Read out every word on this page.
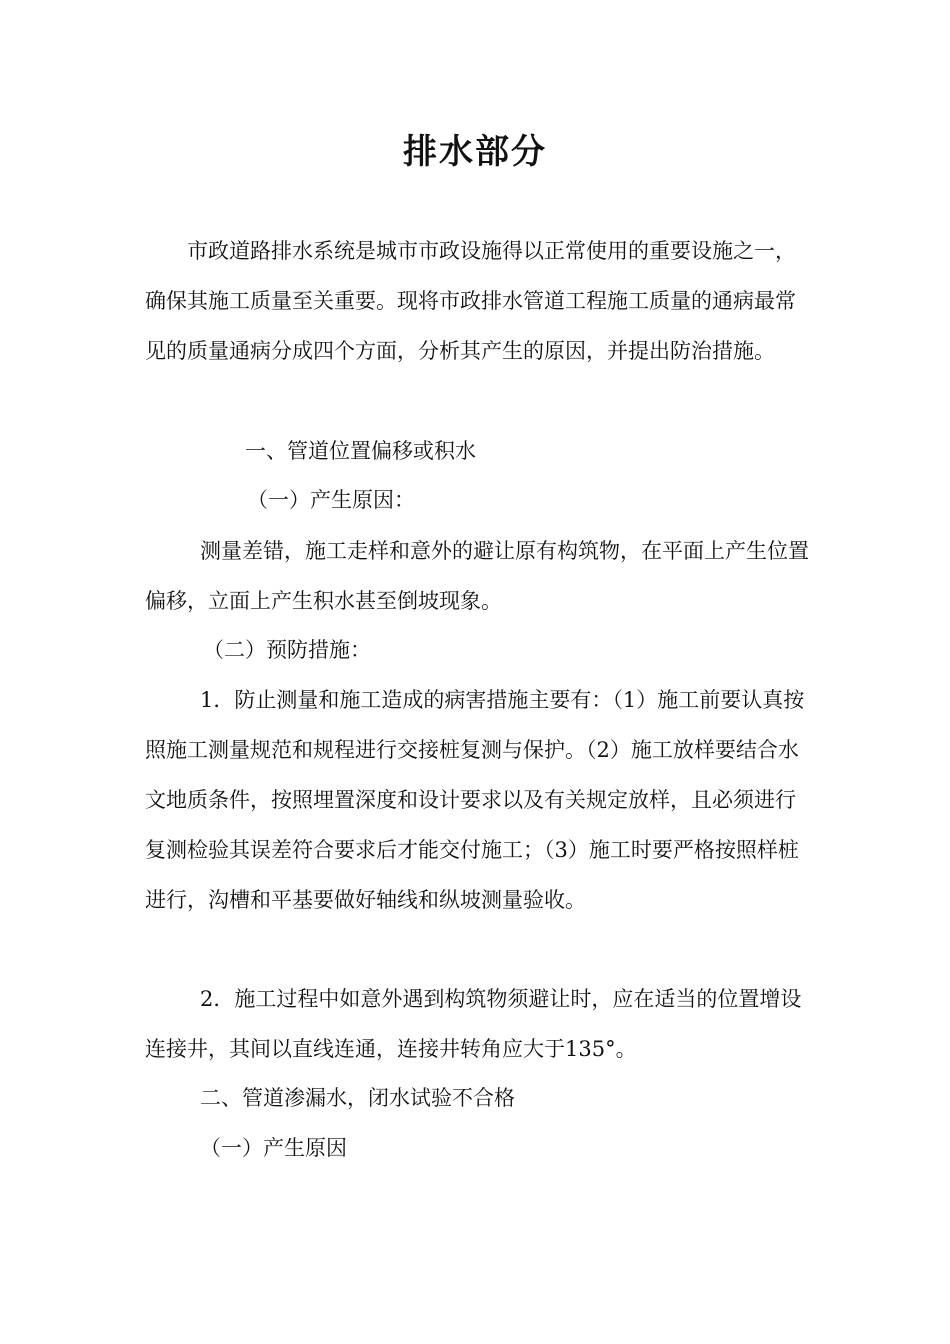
排水部分

市政道路排水系统是城市市政设施得以正常使用的重要设施之一，确保其施工质量至关重要。现将市政排水管道工程施工质量的通病最常见的质量通病分成四个方面，分析其产生的原因，并提出防治措施。

一、管道位置偏移或积水
（一）产生原因：

测量差错，施工走样和意外的避让原有构筑物，在平面上产生位置偏移，立面上产生积水甚至倒坡现象。

（二）预防措施：

1．防止测量和施工造成的病害措施主要有：（1）施工前要认真按照施工测量规范和规程进行交接桩复测与保护。（2）施工放样要结合水文地质条件，按照埋置深度和设计要求以及有关规定放样，且必须进行复测检验其误差符合要求后才能交付施工；（3）施工时要严格按照样桩进行，沟槽和平基要做好轴线和纵坡测量验收。

2．施工过程中如意外遇到构筑物须避让时，应在适当的位置增设连接井，其间以直线连通，连接井转角应大于135°。

二、管道渗漏水，闭水试验不合格
（一）产生原因
